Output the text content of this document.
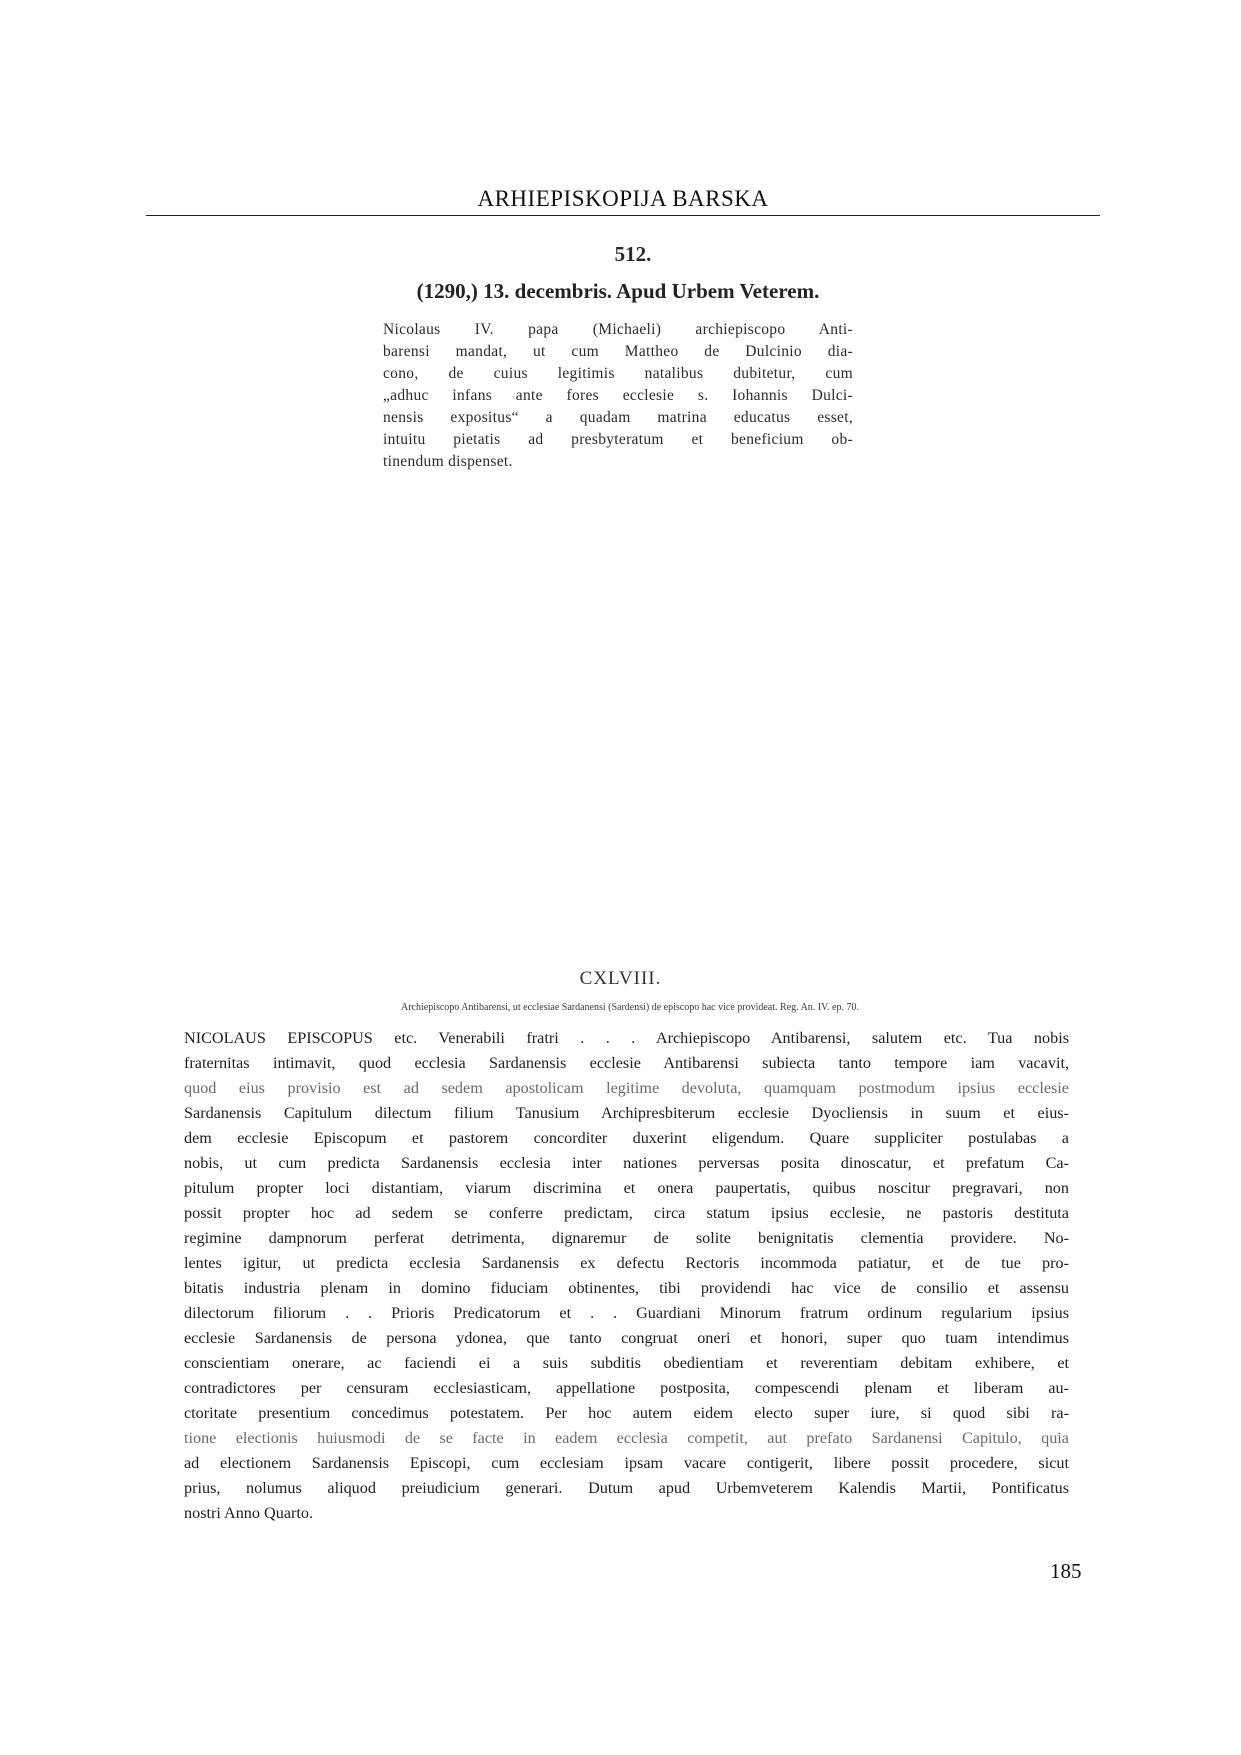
ARHIEPISKOPIJA BARSKA
512.
(1290,) 13. decembris. Apud Urbem Veterem.
Nicolaus IV. papa (Michaeli) archiepiscopo Anti-
barensi mandat, ut cum Mattheo de Dulcinio dia-
cono, de cuius legitimis natalibus dubitetur, cum
„adhuc infans ante fores ecclesie s. Iohannis Dulci-
nensis expositus“ a quadam matrina educatus esset,
intuitu pietatis ad presbyteratum et beneficium ob-
tinendum dispenset.
CXLVIII.
Archiepiscopo Antibarensi, ut ecclesiae Sardanensi (Sardensi) de episcopo hac vice provideat. Reg. An. IV. ep. 70.
NICOLAUS EPISCOPUS etc. Venerabili fratri . . . Archiepiscopo Antibarensi, salutem etc. Tua nobis
fraternitas intimavit, quod ecclesia Sardanensis ecclesie Antibarensi subiecta tanto tempore iam vacavit,
quod eius provisio est ad sedem apostolicam legitime devoluta, quamquam postmodum ipsius ecclesie
Sardanensis Capitulum dilectum filium Tanusium Archipresbiterum ecclesie Dyocliensis in suum et eius-
dem ecclesie Episcopum et pastorem concorditer duxerint eligendum. Quare suppliciter postulabas a
nobis, ut cum predicta Sardanensis ecclesia inter nationes perversas posita dinoscatur, et prefatum Ca-
pitulum propter loci distantiam, viarum discrimina et onera paupertatis, quibus noscitur pregravari, non
possit propter hoc ad sedem se conferre predictam, circa statum ipsius ecclesie, ne pastoris destituta
regimine dampnorum perferat detrimenta, dignaremur de solite benignitatis clementia providere. No-
lentes igitur, ut predicta ecclesia Sardanensis ex defectu Rectoris incommoda patiatur, et de tue pro-
bitatis industria plenam in domino fiduciam obtinentes, tibi providendi hac vice de consilio et assensu
dilectorum filiorum . . Prioris Predicatorum et . . Guardiani Minorum fratrum ordinum regularium ipsius
ecclesie Sardanensis de persona ydonea, que tanto congruat oneri et honori, super quo tuam intendimus
conscientiam onerare, ac faciendi ei a suis subditis obedientiam et reverentiam debitam exhibere, et
contradictores per censuram ecclesiasticam, appellatione postposita, compescendi plenam et liberam au-
ctoritate presentium concedimus potestatem. Per hoc autem eidem electo super iure, si quod sibi ra-
tione electionis huiusmodi de se facte in eadem ecclesia competit, aut prefato Sardanensi Capitulo, quia
ad electionem Sardanensis Episcopi, cum ecclesiam ipsam vacare contigerit, libere possit procedere, sicut
prius, nolumus aliquod preiudicium generari. Dutum apud Urbemveterem Kalendis Martii, Pontificatus
nostri Anno Quarto.
185
